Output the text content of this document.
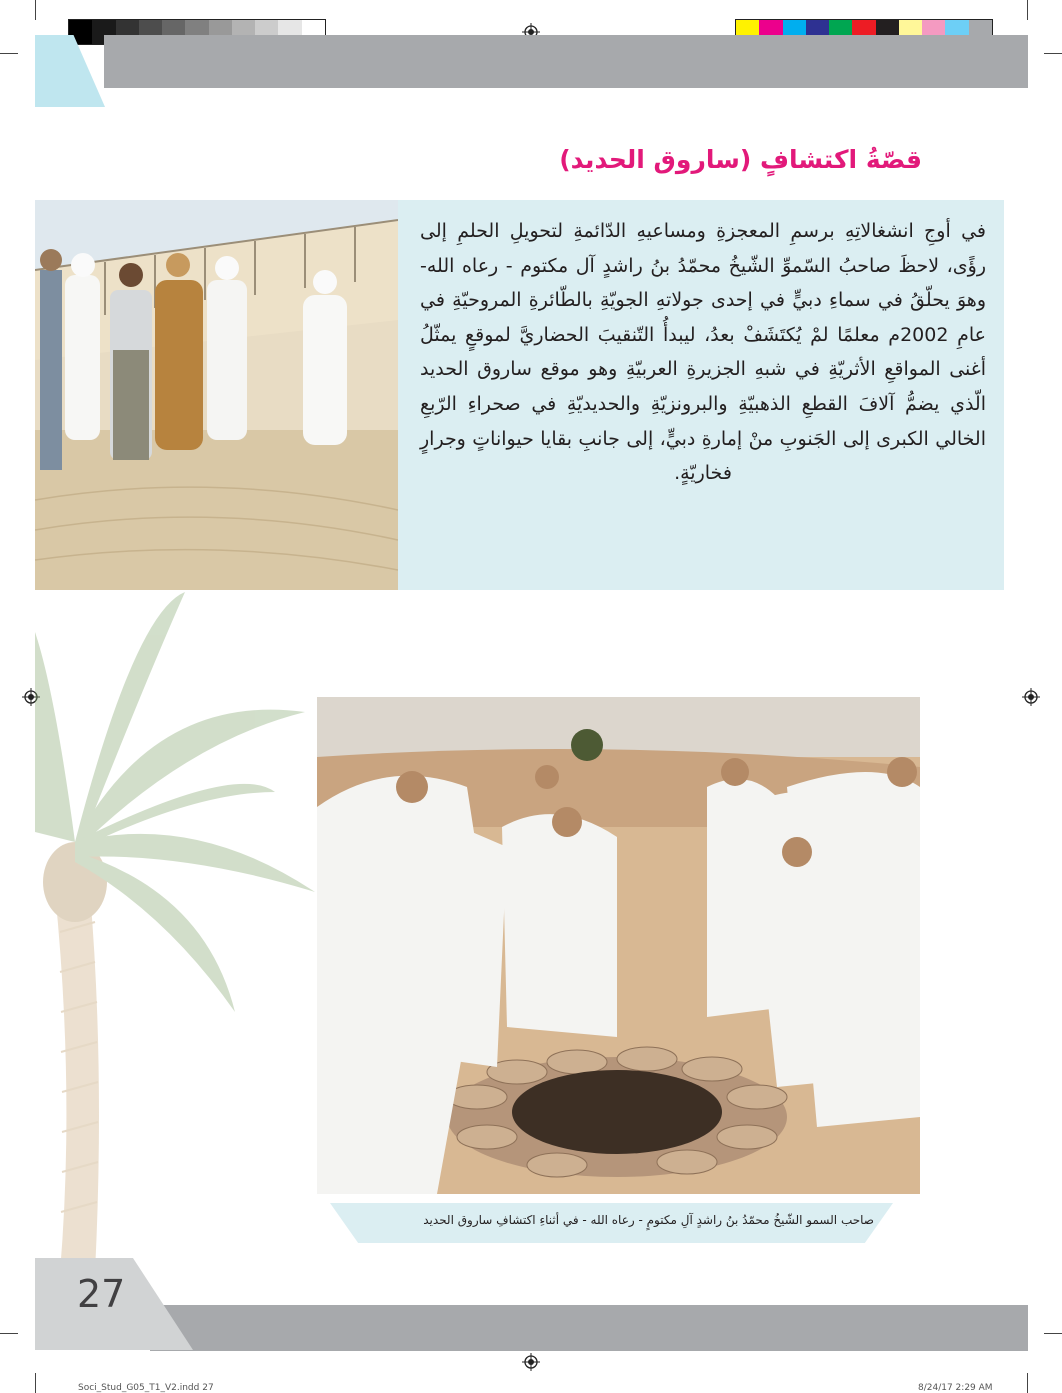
قصّةُ اكتشافٍ (ساروق الحديد)
في أوجِ انشغالاتِهِ برسمِ المعجزةِ ومساعيهِ الدّائمةِ لتحويلِ الحلمِ إلى رؤًى، لاحظَ صاحبُ السّموِّ الشّيخُ محمّدُ بنُ راشدٍ آل مكتوم - رعاه الله- وهوَ يحلّقُ في سماءِ دبيٍّ في إحدى جولاتهِ الجويّةِ بالطّائرةِ المروحيّةِ في عامِ 2002م معلمًا لمْ يُكتَشَفْ بعدُ، ليبدأُ التّنقيبَ الحضاريَّ لموقعٍ يمثّلُ أغنى المواقعِ الأثريّةِ في شبهِ الجزيرةِ العربيّةِ وهو موقع ساروق الحديد الّذي يضمُّ آلافَ القطعِ الذهبيّةِ والبرونزيّةِ والحديديّةِ في صحراءِ الرّبعِ الخالي الكبرى إلى الجَنوبِ منْ إمارةِ دبيٍّ، إلى جانبِ بقايا حيواناتٍ وجرارٍ فخاريّةٍ.
صاحب السمو الشّيخُ محمّدُ بنُ راشدٍ آلِ مكتومٍ - رعاه الله - في أثناءِ اكتشافِ ساروق الحديد
27
Soci_Stud_G05_T1_V2.indd 27	8/24/17 2:29 AM
